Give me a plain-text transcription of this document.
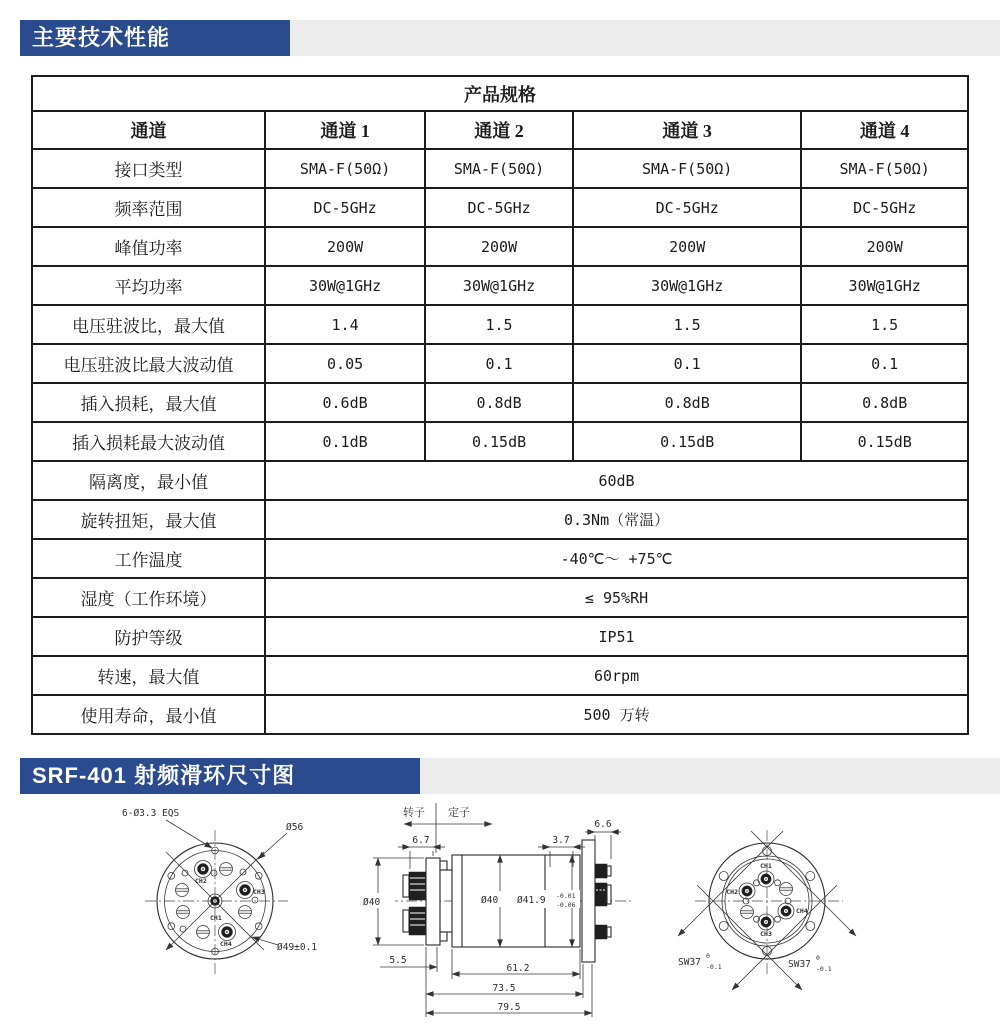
主要技术性能
产品规格				
通道	通道 1	通道 2	通道 3	通道 4
接口类型	SMA-F(50Ω)	SMA-F(50Ω)	SMA-F(50Ω)	SMA-F(50Ω)
频率范围	DC-5GHz	DC-5GHz	DC-5GHz	DC-5GHz
峰值功率	200W	200W	200W	200W
平均功率	30W@1GHz	30W@1GHz	30W@1GHz	30W@1GHz
电压驻波比，最大值	1.4	1.5	1.5	1.5
电压驻波比最大波动值	0.05	0.1	0.1	0.1
插入损耗，最大值	0.6dB	0.8dB	0.8dB	0.8dB
插入损耗最大波动值	0.1dB	0.15dB	0.15dB	0.15dB
隔离度，最小值	60dB			
旋转扭矩，最大值	0.3Nm（常温）			
工作温度	-40℃～ +75℃			
湿度（工作环境）	≤ 95%RH			
防护等级	IP51			
转速，最大值	60rpm			
使用寿命，最小值	500 万转			
SRF-401 射频滑环尺寸图
CH2
CH3
CH1
CH4
6-Ø3.3 EQS
Ø56
Ø49±0.1
转子 定子
6.7	3.7
6.6
Ø40	Ø40 Ø41.9 -0.01
-0.06
5.5
61.2
73.5
79.5
CH1
CH2
CH3
CH4
SW37
0
-0.1	SW37
0
-0.1
